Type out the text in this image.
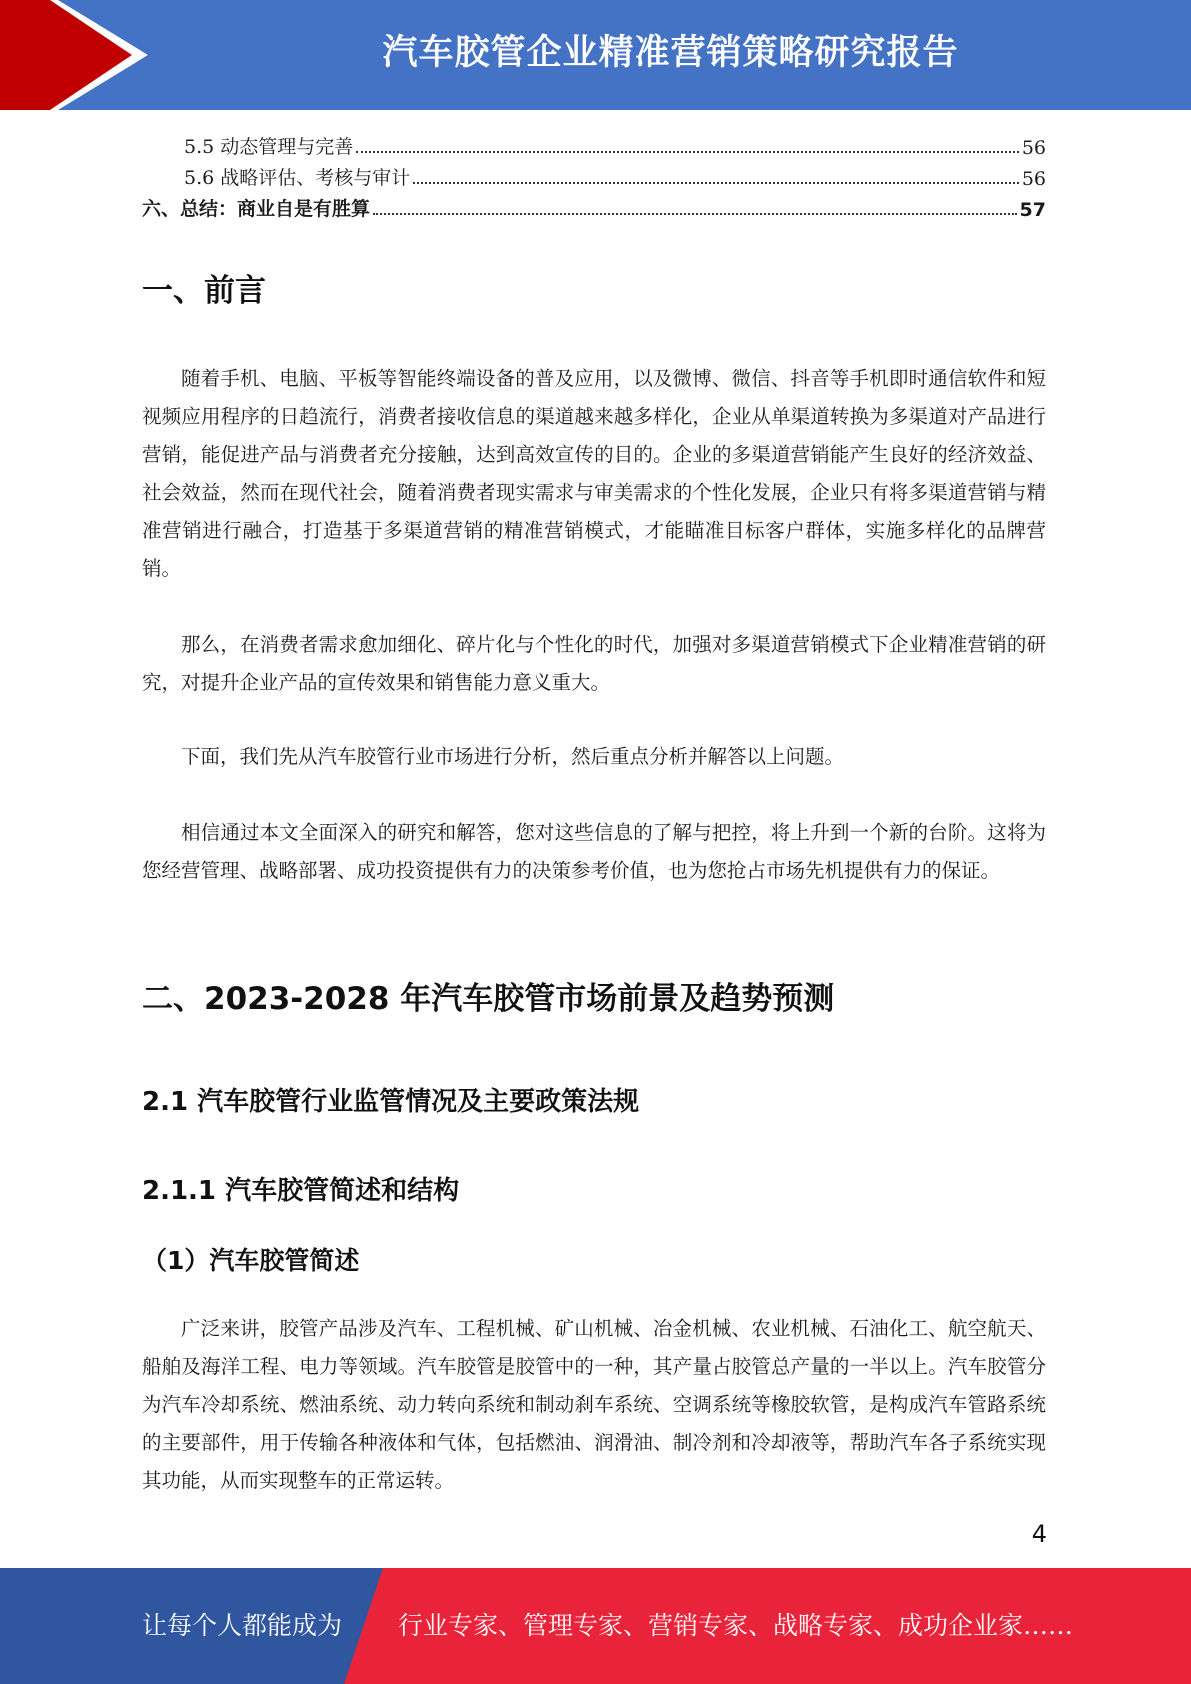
汽车胶管企业精准营销策略研究报告
5.5 动态管理与完善	56
5.6 战略评估、考核与审计	56
六、总结：商业自是有胜算	57
一、前言

随着手机、电脑、平板等智能终端设备的普及应用，以及微博、微信、抖音等手机即时通信软件和短视频应用程序的日趋流行，消费者接收信息的渠道越来越多样化，企业从单渠道转换为多渠道对产品进行营销，能促进产品与消费者充分接触，达到高效宣传的目的。企业的多渠道营销能产生良好的经济效益、社会效益，然而在现代社会，随着消费者现实需求与审美需求的个性化发展，企业只有将多渠道营销与精准营销进行融合，打造基于多渠道营销的精准营销模式，才能瞄准目标客户群体，实施多样化的品牌营销。

那么，在消费者需求愈加细化、碎片化与个性化的时代，加强对多渠道营销模式下企业精准营销的研究，对提升企业产品的宣传效果和销售能力意义重大。

下面，我们先从汽车胶管行业市场进行分析，然后重点分析并解答以上问题。

相信通过本文全面深入的研究和解答，您对这些信息的了解与把控，将上升到一个新的台阶。这将为您经营管理、战略部署、成功投资提供有力的决策参考价值，也为您抢占市场先机提供有力的保证。

二、2023-2028 年汽车胶管市场前景及趋势预测
2.1 汽车胶管行业监管情况及主要政策法规
2.1.1 汽车胶管简述和结构
（1）汽车胶管简述

广泛来讲，胶管产品涉及汽车、工程机械、矿山机械、冶金机械、农业机械、石油化工、航空航天、船舶及海洋工程、电力等领域。汽车胶管是胶管中的一种，其产量占胶管总产量的一半以上。汽车胶管分为汽车冷却系统、燃油系统、动力转向系统和制动刹车系统、空调系统等橡胶软管，是构成汽车管路系统的主要部件，用于传输各种液体和气体，包括燃油、润滑油、制冷剂和冷却液等，帮助汽车各子系统实现其功能，从而实现整车的正常运转。

4
让每个人都能成为 行业专家、管理专家、营销专家、战略专家、成功企业家……
